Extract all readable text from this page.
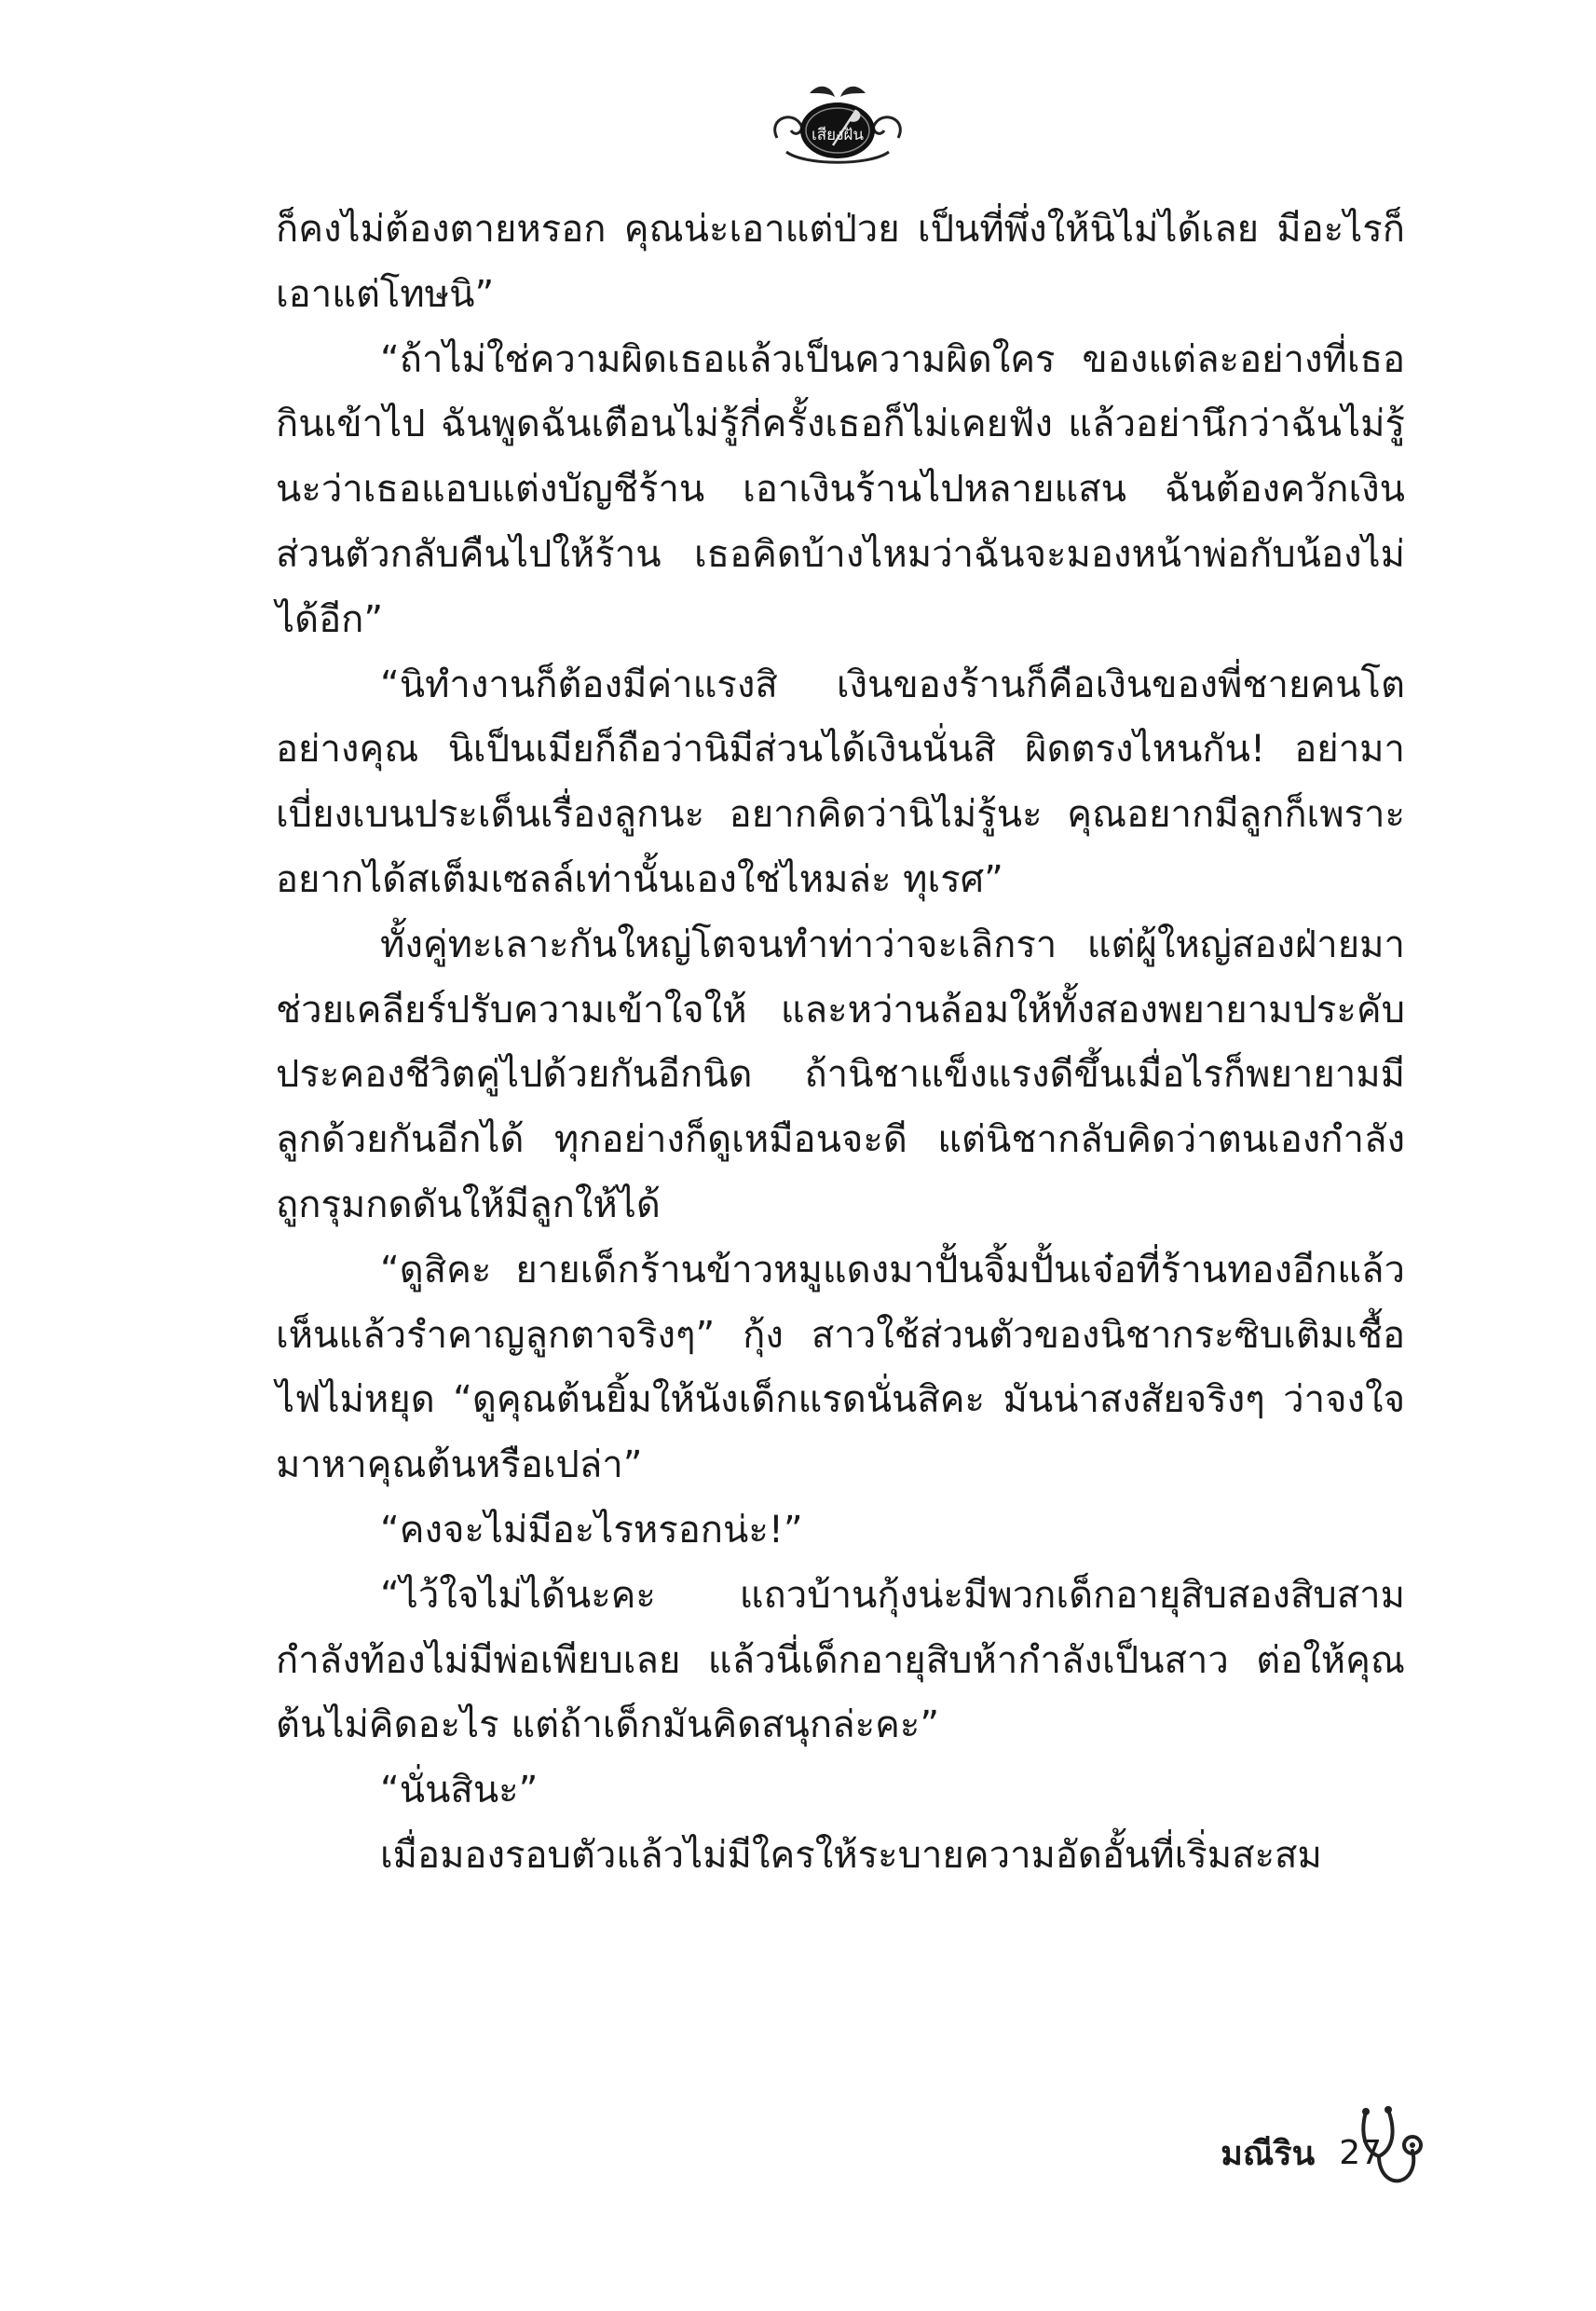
เสียงฝัน

ก็คงไม่ต้องตายหรอก คุณน่ะเอาแต่ป่วย เป็นที่พึ่งให้นิไม่ได้เลย มีอะไรก็เอาแต่โทษนิ”

“ถ้าไม่ใช่ความผิดเธอแล้วเป็นความผิดใคร ของแต่ละอย่างที่เธอกินเข้าไป ฉันพูดฉันเตือนไม่รู้กี่ครั้งเธอก็ไม่เคยฟัง แล้วอย่านึกว่าฉันไม่รู้นะว่าเธอแอบแต่งบัญชีร้าน เอาเงินร้านไปหลายแสน ฉันต้องควักเงินส่วนตัวกลับคืนไปให้ร้าน เธอคิดบ้างไหมว่าฉันจะมองหน้าพ่อกับน้องไม่ได้อีก”

“นิทำงานก็ต้องมีค่าแรงสิ เงินของร้านก็คือเงินของพี่ชายคนโตอย่างคุณ นิเป็นเมียก็ถือว่านิมีส่วนได้เงินนั่นสิ ผิดตรงไหนกัน! อย่ามาเบี่ยงเบนประเด็นเรื่องลูกนะ อยากคิดว่านิไม่รู้นะ คุณอยากมีลูกก็เพราะอยากได้สเต็มเซลล์เท่านั้นเองใช่ไหมล่ะ ทุเรศ”

ทั้งคู่ทะเลาะกันใหญ่โตจนทำท่าว่าจะเลิกรา แต่ผู้ใหญ่สองฝ่ายมาช่วยเคลียร์ปรับความเข้าใจให้ และหว่านล้อมให้ทั้งสองพยายามประคับประคองชีวิตคู่ไปด้วยกันอีกนิด ถ้านิชาแข็งแรงดีขึ้นเมื่อไรก็พยายามมีลูกด้วยกันอีกได้ ทุกอย่างก็ดูเหมือนจะดี แต่นิชากลับคิดว่าตนเองกำลังถูกรุมกดดันให้มีลูกให้ได้

“ดูสิคะ ยายเด็กร้านข้าวหมูแดงมาปั้นจิ้มปั้นเจ๋อที่ร้านทองอีกแล้ว เห็นแล้วรำคาญลูกตาจริงๆ” กุ้ง สาวใช้ส่วนตัวของนิชากระซิบเติมเชื้อไฟไม่หยุด “ดูคุณต้นยิ้มให้นังเด็กแรดนั่นสิคะ มันน่าสงสัยจริงๆ ว่าจงใจมาหาคุณต้นหรือเปล่า”

“คงจะไม่มีอะไรหรอกน่ะ!”

“ไว้ใจไม่ได้นะคะ แถวบ้านกุ้งน่ะมีพวกเด็กอายุสิบสองสิบสามกำลังท้องไม่มีพ่อเพียบเลย แล้วนี่เด็กอายุสิบห้ากำลังเป็นสาว ต่อให้คุณต้นไม่คิดอะไร แต่ถ้าเด็กมันคิดสนุกล่ะคะ”

“นั่นสินะ”

เมื่อมองรอบตัวแล้วไม่มีใครให้ระบายความอัดอั้นที่เริ่มสะสม

มณีริน 27
